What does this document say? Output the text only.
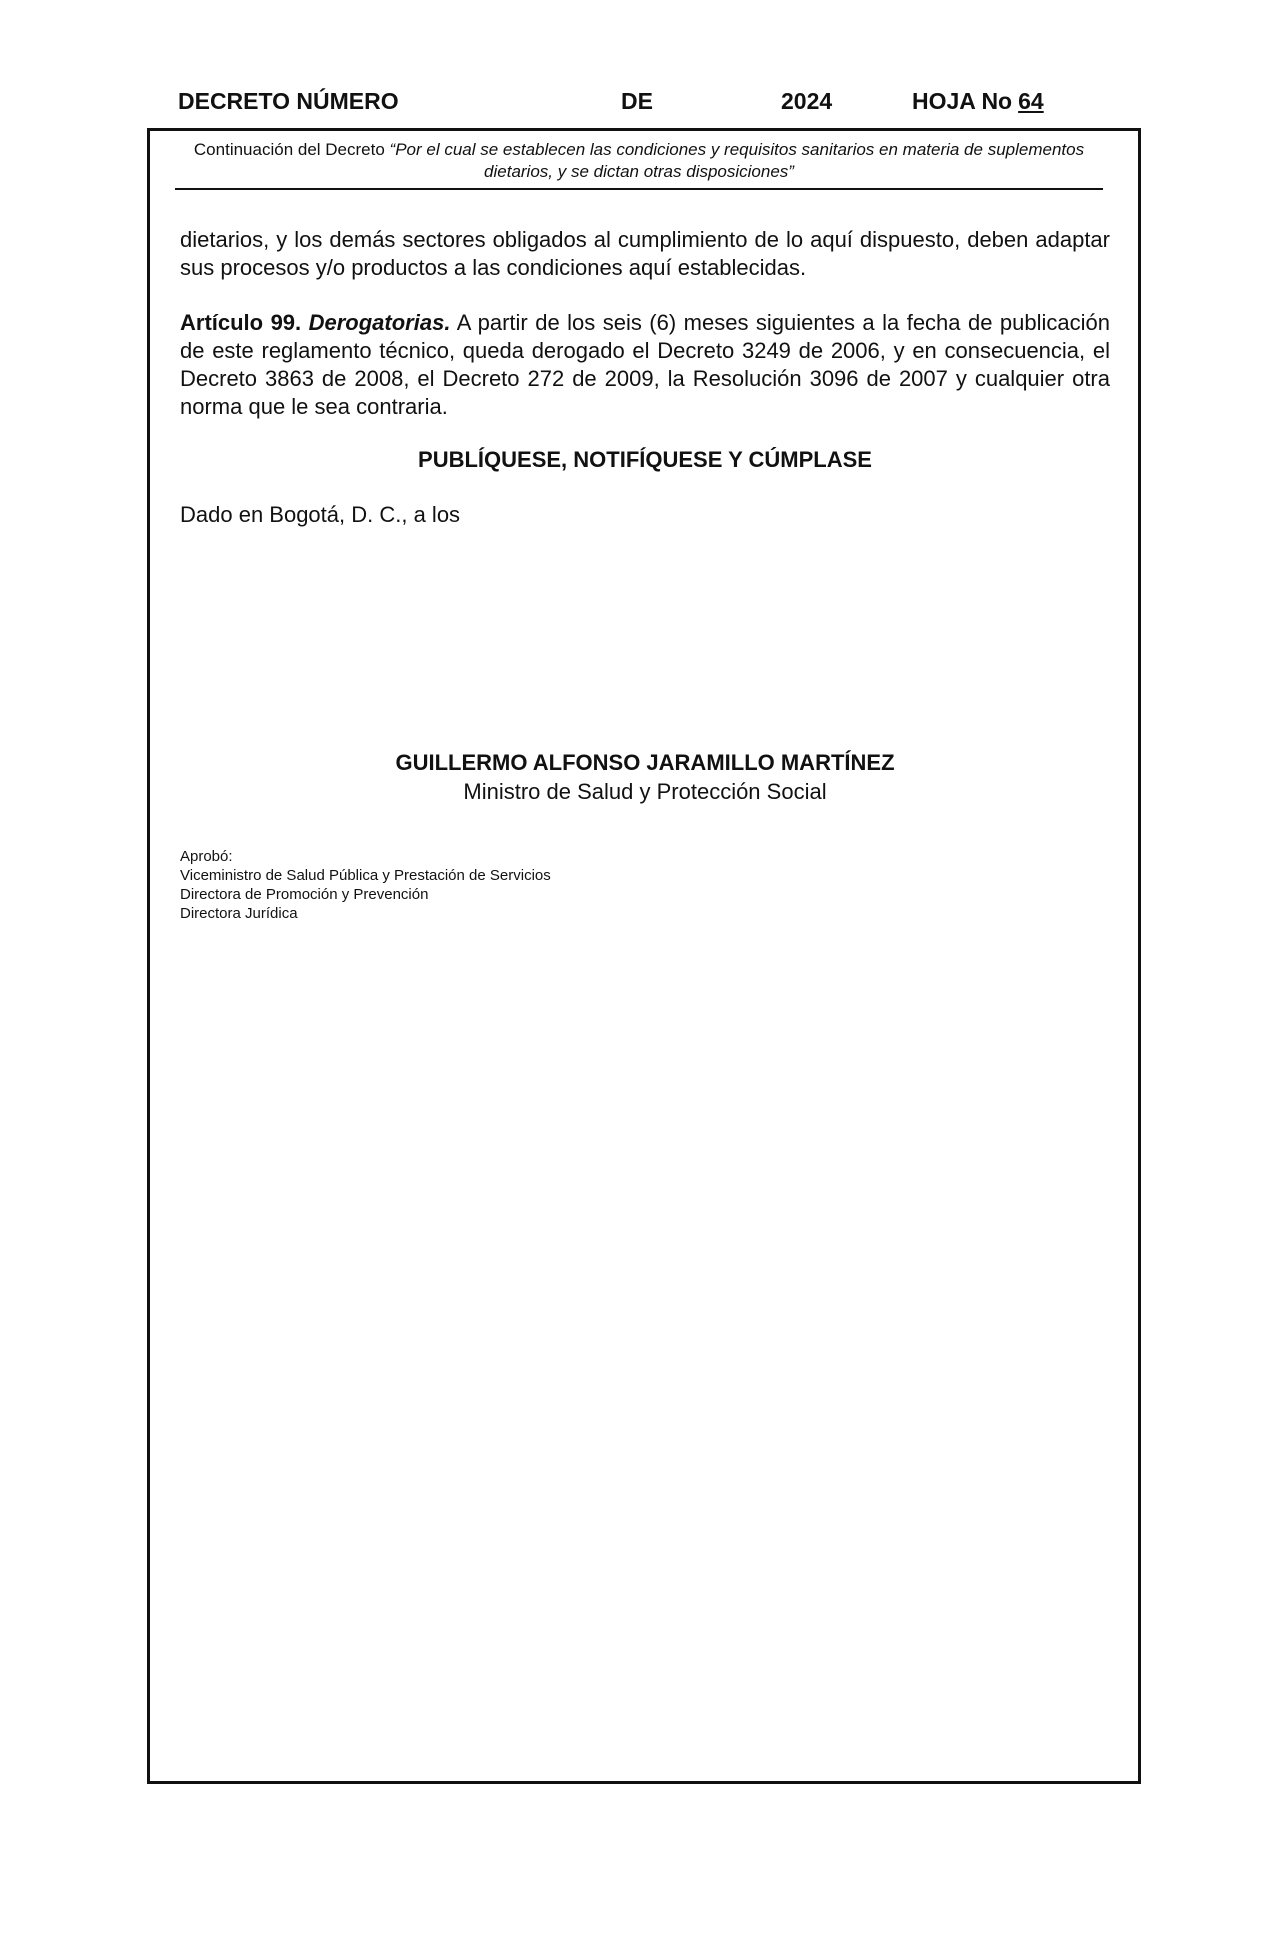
DECRETO NÚMERO	DE	2024	HOJA No 64
Continuación del Decreto “Por el cual se establecen las condiciones y requisitos sanitarios en materia de suplementos dietarios, y se dictan otras disposiciones”
dietarios, y los demás sectores obligados al cumplimiento de lo aquí dispuesto, deben adaptar sus procesos y/o productos a las condiciones aquí establecidas.
Artículo 99. Derogatorias. A partir de los seis (6) meses siguientes a la fecha de publicación de este reglamento técnico, queda derogado el Decreto 3249 de 2006, y en consecuencia, el Decreto 3863 de 2008, el Decreto 272 de 2009, la Resolución 3096 de 2007 y cualquier otra norma que le sea contraria.
PUBLÍQUESE, NOTIFÍQUESE Y CÚMPLASE
Dado en Bogotá, D. C., a los
GUILLERMO ALFONSO JARAMILLO MARTÍNEZ
Ministro de Salud y Protección Social
Aprobó:
Viceministro de Salud Pública y Prestación de Servicios
Directora de Promoción y Prevención
Directora Jurídica
